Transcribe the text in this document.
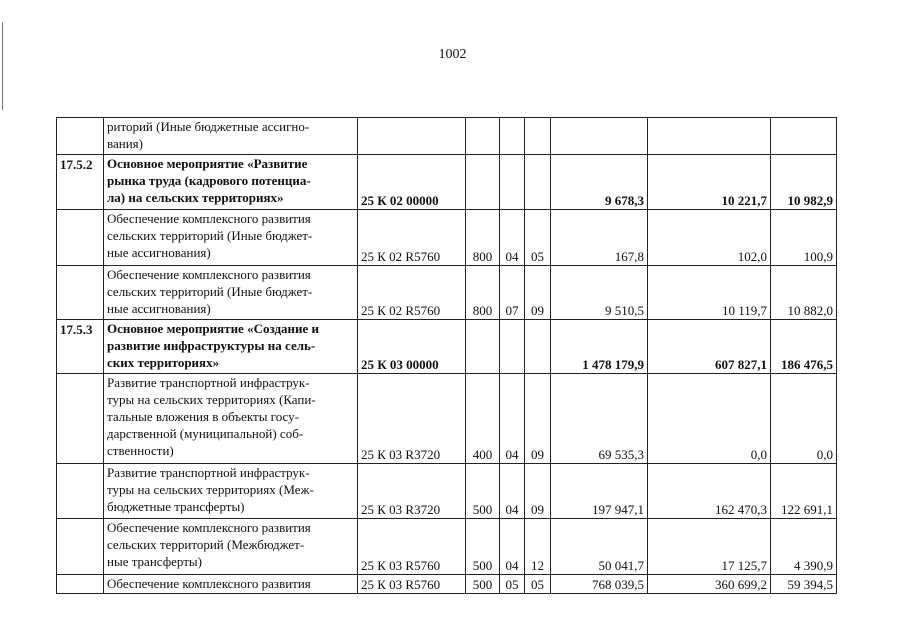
1002

	риторий (Иные бюджетные ассигно-
вания)							

17.5.2	Основное мероприятие «Развитие
рынка труда (кадрового потенциа-
ла) на сельских территориях»	25 К 02 00000				9 678,3	10 221,7	10 982,9

	Обеспечение комплексного развития
сельских территорий (Иные бюджет-
ные ассигнования)	25 К 02 R5760	800	04	05	167,8	102,0	100,9

	Обеспечение комплексного развития
сельских территорий (Иные бюджет-
ные ассигнования)	25 К 02 R5760	800	07	09	9 510,5	10 119,7	10 882,0
17.5.3	Основное мероприятие «Создание и
развитие инфраструктуры на сель-
ских территориях»	25 К 03 00000				1 478 179,9	607 827,1	186 476,5

	Развитие транспортной инфраструк-
туры на сельских территориях (Капи-
тальные вложения в объекты госу-
дарственной (муниципальной) соб-
ственности)	25 К 03 R3720	400	04	09	69 535,3	0,0	0,0

	Развитие транспортной инфраструк-
туры на сельских территориях (Меж-
бюджетные трансферты)	25 К 03 R3720	500	04	09	197 947,1	162 470,3	122 691,1

	Обеспечение комплексного развития
сельских территорий (Межбюджет-
ные трансферты)	25 К 03 R5760	500	04	12	50 041,7	17 125,7	4 390,9

	Обеспечение комплексного развития	25 К 03 R5760	500	05	05	768 039,5	360 699,2	59 394,5
